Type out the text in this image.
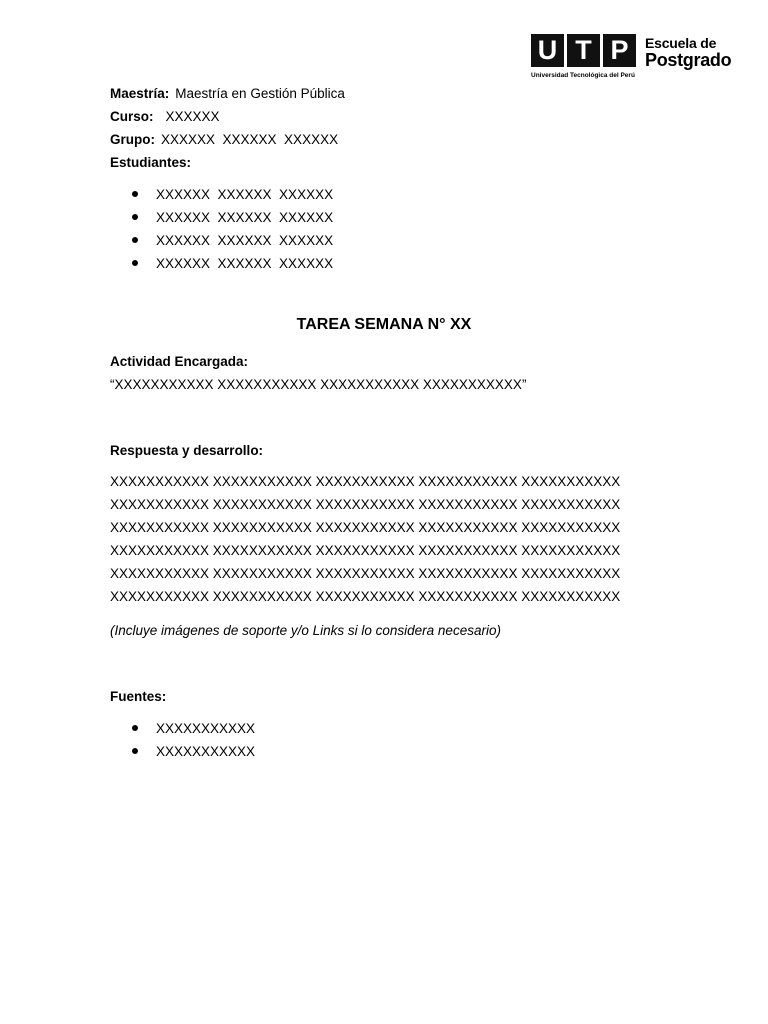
U T P	Escuela de
Postgrado
Universidad Tecnológica del Perú
Maestría: Maestría en Gestión Pública
Curso: XXXXXX
Grupo: XXXXXX  XXXXXX  XXXXXX
Estudiantes:
XXXXXX  XXXXXX  XXXXXX
XXXXXX  XXXXXX  XXXXXX
XXXXXX  XXXXXX  XXXXXX
XXXXXX  XXXXXX  XXXXXX
TAREA SEMANA N° XX
Actividad Encargada:
“XXXXXXXXXXX XXXXXXXXXXX XXXXXXXXXXX XXXXXXXXXXX”
Respuesta y desarrollo:

XXXXXXXXXXX XXXXXXXXXXX XXXXXXXXXXX XXXXXXXXXXX XXXXXXXXXXX

XXXXXXXXXXX XXXXXXXXXXX XXXXXXXXXXX XXXXXXXXXXX XXXXXXXXXXX

XXXXXXXXXXX XXXXXXXXXXX XXXXXXXXXXX XXXXXXXXXXX XXXXXXXXXXX

XXXXXXXXXXX XXXXXXXXXXX XXXXXXXXXXX XXXXXXXXXXX XXXXXXXXXXX

XXXXXXXXXXX XXXXXXXXXXX XXXXXXXXXXX XXXXXXXXXXX XXXXXXXXXXX

XXXXXXXXXXX XXXXXXXXXXX XXXXXXXXXXX XXXXXXXXXXX XXXXXXXXXXX

(Incluye imágenes de soporte y/o Links si lo considera necesario)
Fuentes:
XXXXXXXXXXX
XXXXXXXXXXX
